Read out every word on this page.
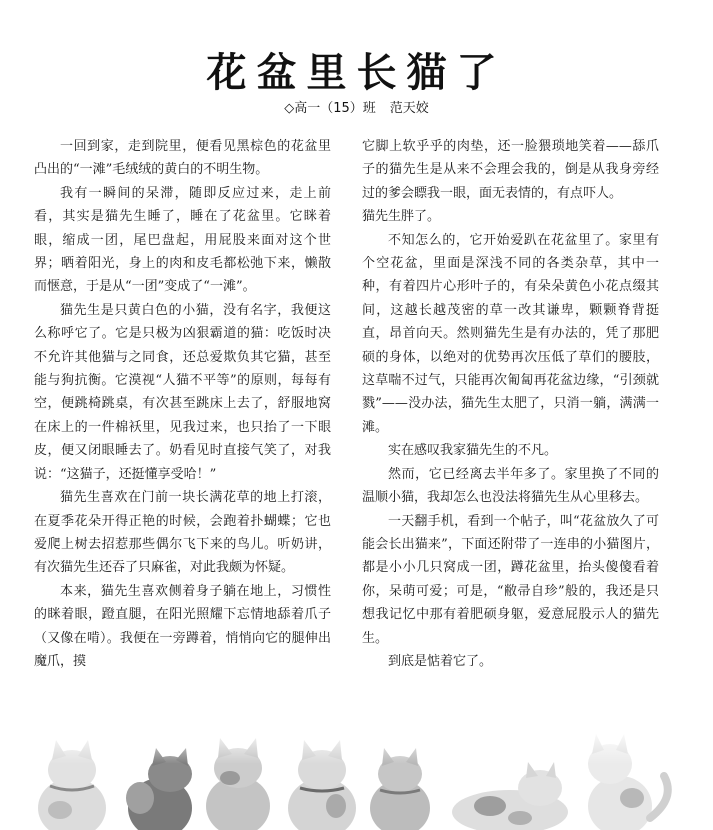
花盆里长猫了
◇高一（15）班 范天姣

一回到家，走到院里，便看见黑棕色的花盆里凸出的“一滩”毛绒绒的黄白的不明生物。

我有一瞬间的呆滞，随即反应过来，走上前看，其实是猫先生睡了，睡在了花盆里。它眯着眼，缩成一团，尾巴盘起，用屁股来面对这个世界；晒着阳光，身上的肉和皮毛都松弛下来，懒散而惬意，于是从“一团”变成了“一滩”。

猫先生是只黄白色的小猫，没有名字，我便这么称呼它了。它是只极为凶狠霸道的猫：吃饭时决不允许其他猫与之同食，还总爱欺负其它猫，甚至能与狗抗衡。它漠视“人猫不平等”的原则，每每有空，便跳椅跳桌，有次甚至跳床上去了，舒服地窝在床上的一件棉袄里，见我过来，也只抬了一下眼皮，便又闭眼睡去了。奶看见时直接气笑了，对我说：“这猫子，还挺懂享受哈！”

猫先生喜欢在门前一块长满花草的地上打滚，在夏季花朵开得正艳的时候，会跑着扑蝴蝶；它也爱爬上树去招惹那些偶尔飞下来的鸟儿。听奶讲，有次猫先生还吞了只麻雀，对此我颇为怀疑。

本来，猫先生喜欢侧着身子躺在地上，习惯性的眯着眼，蹬直腿，在阳光照耀下忘情地舔着爪子（又像在啃）。我便在一旁蹲着，悄悄向它的腿伸出魔爪，摸

它脚上软乎乎的肉垫，还一脸猥琐地笑着——舔爪子的猫先生是从来不会理会我的，倒是从我身旁经过的爹会瞟我一眼，面无表情的，有点吓人。

猫先生胖了。

不知怎么的，它开始爱趴在花盆里了。家里有个空花盆，里面是深浅不同的各类杂草，其中一种，有着四片心形叶子的，有朵朵黄色小花点缀其间，这越长越茂密的草一改其谦卑，颗颗脊背挺直，昂首向天。然则猫先生是有办法的，凭了那肥硕的身体，以绝对的优势再次压低了草们的腰肢，这草喘不过气，只能再次匍匐再花盆边缘，“引颈就戮”——没办法，猫先生太肥了，只消一躺，满满一滩。

实在感叹我家猫先生的不凡。

然而，它已经离去半年多了。家里换了不同的温顺小猫，我却怎么也没法将猫先生从心里移去。

一天翻手机，看到一个帖子，叫“花盆放久了可能会长出猫来”，下面还附带了一连串的小猫图片，都是小小几只窝成一团，蹲花盆里，抬头傻傻看着你，呆萌可爱；可是，“敝帚自珍”般的，我还是只想我记忆中那有着肥硕身躯，爱意屁股示人的猫先生。

到底是惦着它了。
